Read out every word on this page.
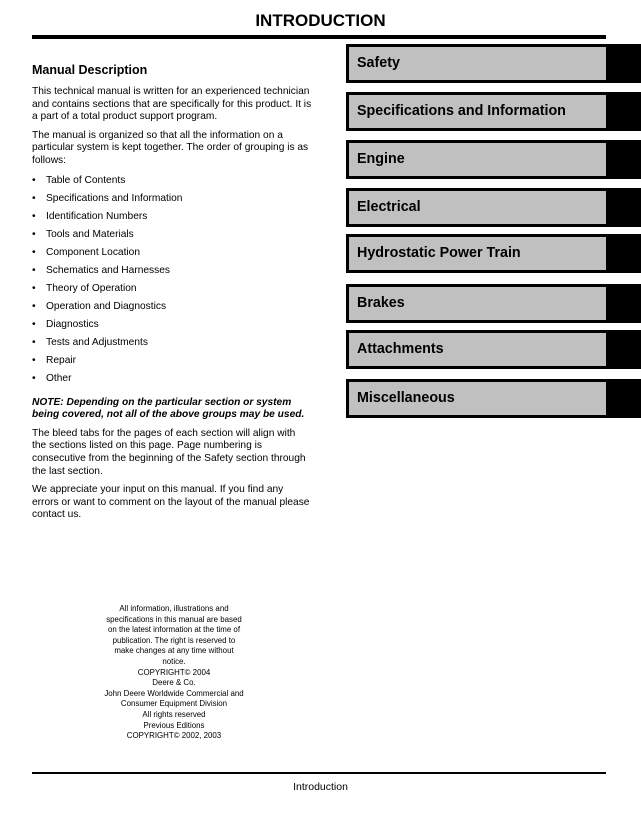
INTRODUCTION
Manual Description

This technical manual is written for an experienced technician and contains sections that are specifically for this product. It is a part of a total product support program.

The manual is organized so that all the information on a particular system is kept together. The order of grouping is as follows:

• Table of Contents
• Specifications and Information
• Identification Numbers
• Tools and Materials
• Component Location
• Schematics and Harnesses
• Theory of Operation
• Operation and Diagnostics
• Diagnostics
• Tests and Adjustments
• Repair
• Other

NOTE: Depending on the particular section or system being covered, not all of the above groups may be used.

The bleed tabs for the pages of each section will align with the sections listed on this page. Page numbering is consecutive from the beginning of the Safety section through the last section.

We appreciate your input on this manual. If you find any errors or want to comment on the layout of the manual please contact us.

Safety
Specifications and Information
Engine
Electrical
Hydrostatic Power Train
Brakes
Attachments
Miscellaneous
All information, illustrations and
specifications in this manual are based
on the latest information at the time of
publication. The right is reserved to
make changes at any time without
notice.
COPYRIGHT© 2004
Deere & Co.
John Deere Worldwide Commercial and
Consumer Equipment Division
All rights reserved
Previous Editions
COPYRIGHT© 2002, 2003
Introduction
